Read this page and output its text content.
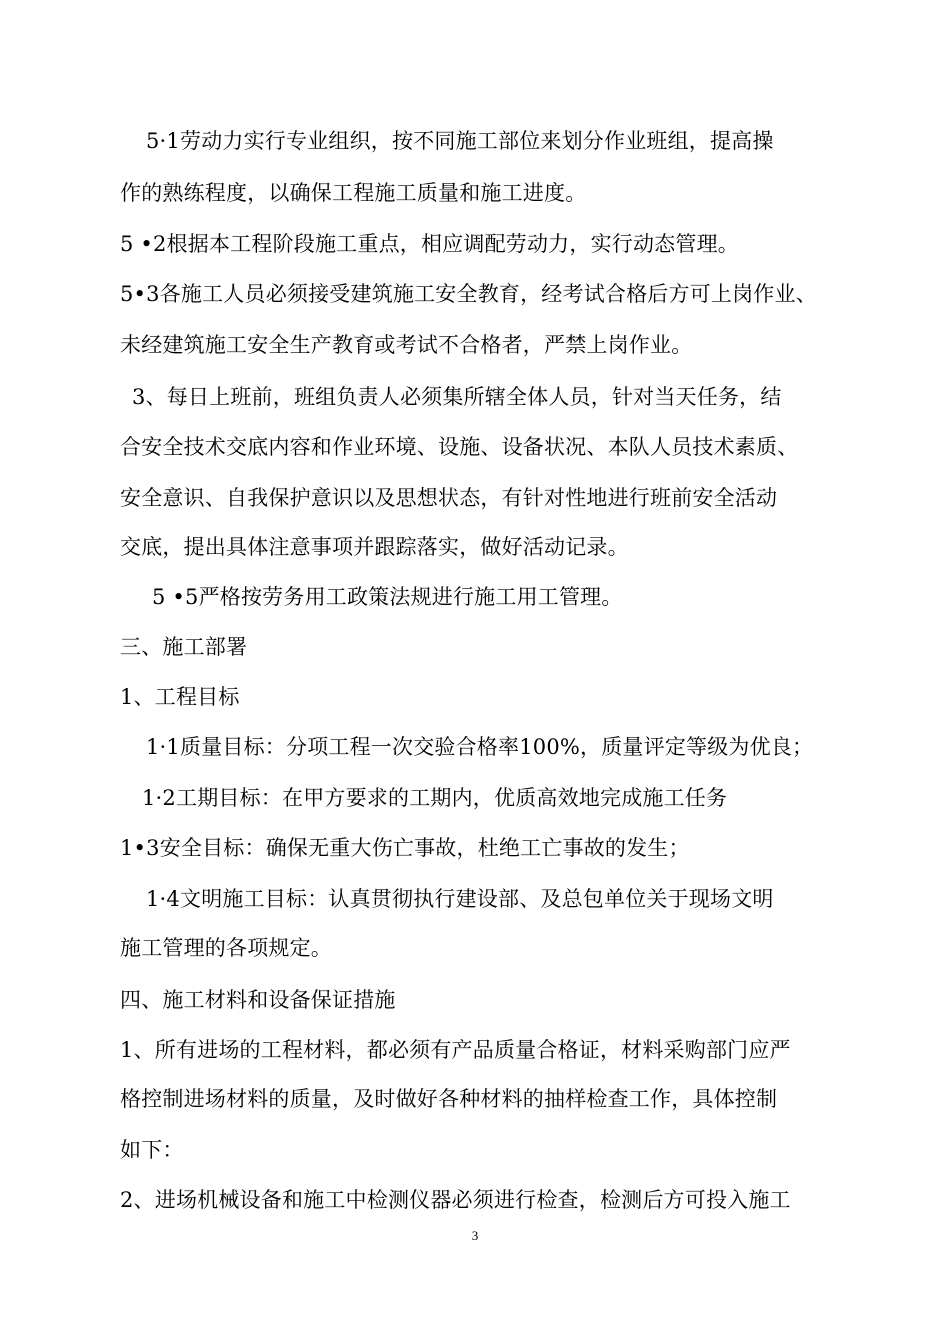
5·1劳动力实行专业组织，按不同施工部位来划分作业班组，提高操
作的熟练程度，以确保工程施工质量和施工进度。
5 •2根据本工程阶段施工重点，相应调配劳动力，实行动态管理。
5•3各施工人员必须接受建筑施工安全教育，经考试合格后方可上岗作业、
未经建筑施工安全生产教育或考试不合格者，严禁上岗作业。
3、每日上班前，班组负责人必须集所辖全体人员，针对当天任务，结
合安全技术交底内容和作业环境、设施、设备状况、本队人员技术素质、
安全意识、自我保护意识以及思想状态，有针对性地进行班前安全活动
交底，提出具体注意事项并跟踪落实，做好活动记录。
5 •5严格按劳务用工政策法规进行施工用工管理。
三、施工部署
1、工程目标
1·1质量目标：分项工程一次交验合格率100%，质量评定等级为优良；
1·2工期目标：在甲方要求的工期内，优质高效地完成施工任务
1•3安全目标：确保无重大伤亡事故，杜绝工亡事故的发生；
1·4文明施工目标：认真贯彻执行建设部、及总包单位关于现场文明
施工管理的各项规定。
四、施工材料和设备保证措施
1、所有进场的工程材料，都必须有产品质量合格证，材料采购部门应严
格控制进场材料的质量，及时做好各种材料的抽样检查工作，具体控制
如下：
2、进场机械设备和施工中检测仪器必须进行检查，检测后方可投入施工
3
